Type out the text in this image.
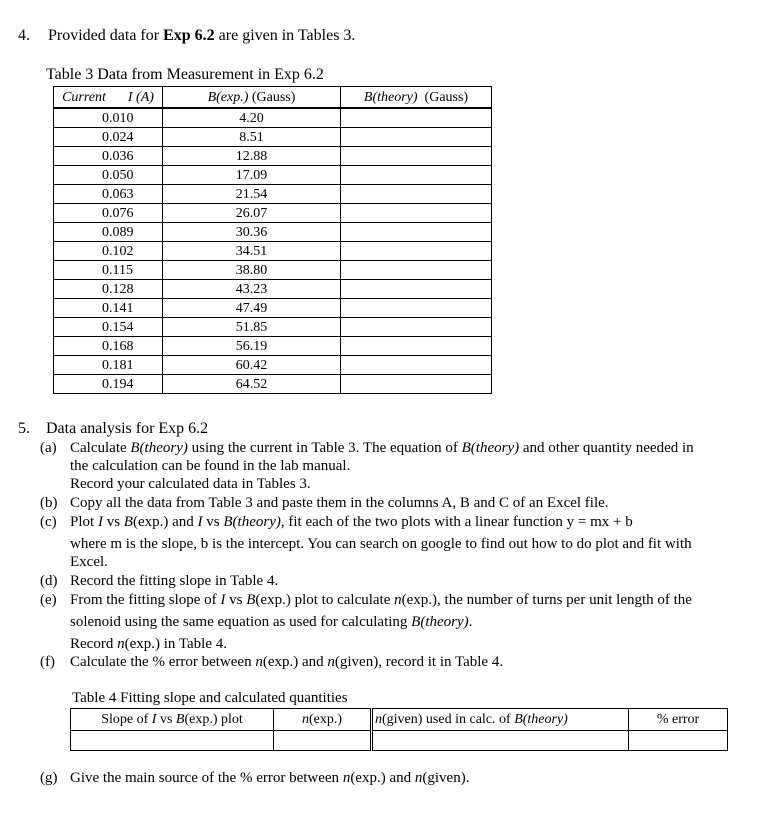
4. Provided data for Exp 6.2 are given in Tables 3.
Table 3 Data from Measurement in Exp 6.2
Current I (A)	B(exp.) (Gauss)	B(theory) (Gauss)
0.010	4.20	
0.024	8.51	
0.036	12.88	
0.050	17.09	
0.063	21.54	
0.076	26.07	
0.089	30.36	
0.102	34.51	
0.115	38.80	
0.128	43.23	
0.141	47.49	
0.154	51.85	
0.168	56.19	
0.181	60.42	
0.194	64.52	
5. Data analysis for Exp 6.2
(a) Calculate B(theory) using the current in Table 3. The equation of B(theory) and other quantity needed in
the calculation can be found in the lab manual.
Record your calculated data in Tables 3.
(b) Copy all the data from Table 3 and paste them in the columns A, B and C of an Excel file.
(c) Plot I vs B(exp.) and I vs B(theory), fit each of the two plots with a linear function y = mx + b
where m is the slope, b is the intercept. You can search on google to find out how to do plot and fit with
Excel.
(d) Record the fitting slope in Table 4.
(e) From the fitting slope of I vs B(exp.) plot to calculate n(exp.), the number of turns per unit length of the
solenoid using the same equation as used for calculating B(theory).
Record n(exp.) in Table 4.
(f) Calculate the % error between n(exp.) and n(given), record it in Table 4.
Table 4 Fitting slope and calculated quantities
Slope of I vs B(exp.) plot	n(exp.)	n(given) used in calc. of B(theory)	% error

(g) Give the main source of the % error between n(exp.) and n(given).
